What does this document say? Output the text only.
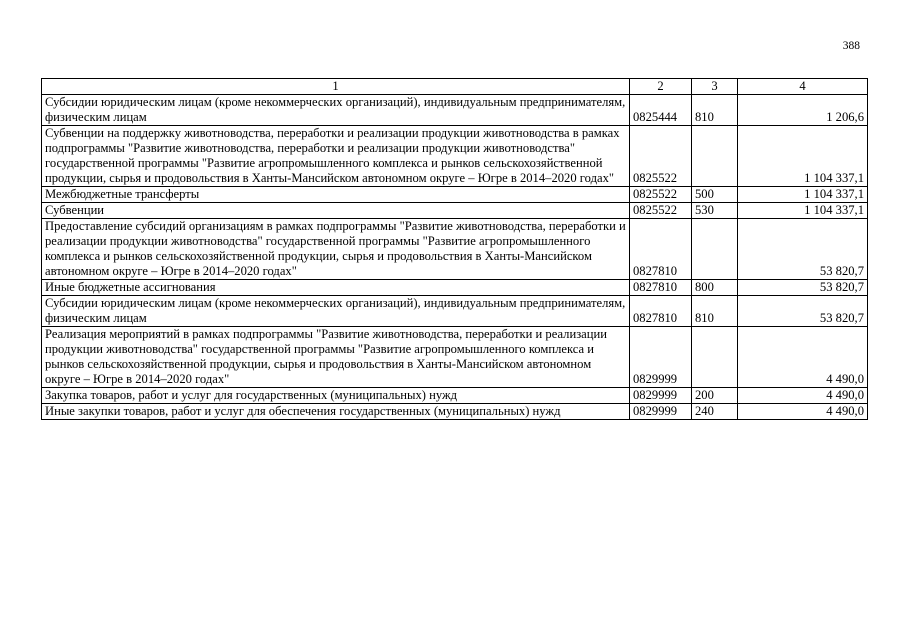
388
1	2	3	4
Субсидии юридическим лицам (кроме некоммерческих организаций), индивидуальным предпринимателям, физическим лицам	0825444	810	1 206,6
Субвенции на поддержку животноводства, переработки и реализации продукции животноводства в рамках подпрограммы "Развитие животноводства, переработки и реализации продукции животноводства" государственной программы "Развитие агропромышленного комплекса и рынков сельскохозяйственной продукции, сырья и продовольствия в Ханты-Мансийском автономном округе – Югре в 2014–2020 годах"	0825522		1 104 337,1
Межбюджетные трансферты	0825522	500	1 104 337,1
Субвенции	0825522	530	1 104 337,1
Предоставление субсидий организациям в рамках подпрограммы "Развитие животноводства, переработки и реализации продукции животноводства" государственной программы "Развитие агропромышленного комплекса и рынков сельскохозяйственной продукции, сырья и продовольствия в Ханты-Мансийском автономном округе – Югре в 2014–2020 годах"	0827810		53 820,7
Иные бюджетные ассигнования	0827810	800	53 820,7
Субсидии юридическим лицам (кроме некоммерческих организаций), индивидуальным предпринимателям, физическим лицам	0827810	810	53 820,7
Реализация мероприятий в рамках подпрограммы "Развитие животноводства, переработки и реализации продукции животноводства" государственной программы "Развитие агропромышленного комплекса и рынков сельскохозяйственной продукции, сырья и продовольствия в Ханты-Мансийском автономном округе – Югре в 2014–2020 годах"	0829999		4 490,0
Закупка товаров, работ и услуг для государственных (муниципальных) нужд	0829999	200	4 490,0
Иные закупки товаров, работ и услуг для обеспечения государственных (муниципальных) нужд	0829999	240	4 490,0
